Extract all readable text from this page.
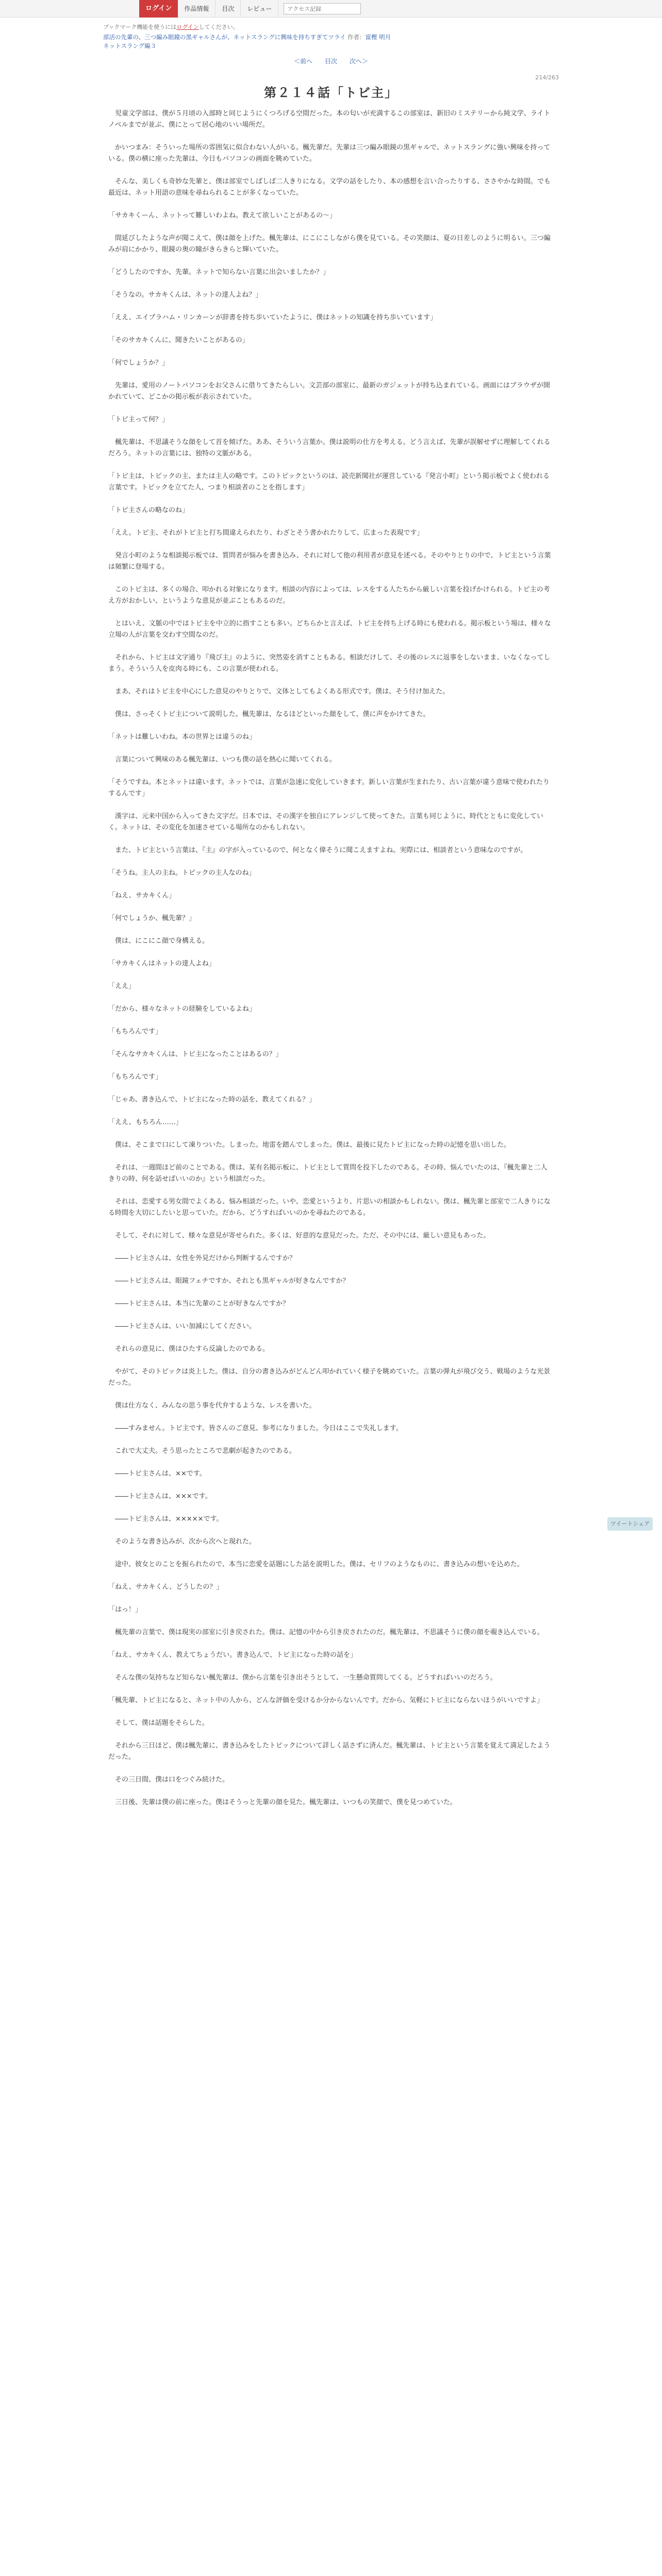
ログイン	作品情報	目次	レビュー
アクセス記録
ブックマーク機能を使うにはログインしてください。
部活の先輩の、三つ編み眼鏡の黒ギャルさんが、ネットスラングに興味を持ちすぎてツライ 作者：富樫 明月
ネットスラング編３
＜前へ 目次 次へ＞
214/263
第２１４話「トビ主」
ツイートシェア

　児童文学部は、僕が５月頃の入部時と同じようにくつろげる空間だった。本の匂いが充満するこの部室は、新旧のミステリーから純文学、ライトノベルまでが並ぶ、僕にとって居心地のいい場所だ。

　かいつまみ：そういった場所の雰囲気に似合わない人がいる。楓先輩だ。先輩は三つ編み眼鏡の黒ギャルで、ネットスラングに強い興味を持っている。僕の横に座った先輩は、今日もパソコンの画面を眺めていた。

　そんな、美しくも奇妙な先輩と、僕は部室でしばしば二人きりになる。文学の話をしたり、本の感想を言い合ったりする、ささやかな時間。でも最近は、ネット用語の意味を尋ねられることが多くなっていた。

「サカキくーん、ネットって難しいわよね。教えて欲しいことがあるの〜」

　間延びしたような声が聞こえて、僕は顔を上げた。楓先輩は、にこにこしながら僕を見ている。その笑顔は、夏の日差しのように明るい。三つ編みが肩にかかり、眼鏡の奥の瞳がきらきらと輝いていた。

「どうしたのですか、先輩。ネットで知らない言葉に出会いましたか？」

「そうなの。サカキくんは、ネットの達人よね？」

「ええ、エイプラハム・リンカーンが辞書を持ち歩いていたように、僕はネットの知識を持ち歩いています」

「そのサカキくんに、聞きたいことがあるの」

「何でしょうか？」

　先輩は、愛用のノートパソコンをお父さんに借りてきたらしい。文芸部の部室に、最新のガジェットが持ち込まれている。画面にはブラウザが開かれていて、どこかの掲示板が表示されていた。

「トビ主って何？」

　楓先輩は、不思議そうな顔をして首を傾げた。ああ、そういう言葉か。僕は説明の仕方を考える。どう言えば、先輩が誤解せずに理解してくれるだろう。ネットの言葉には、独特の文脈がある。

「トビ主は、トピックの主、または主人の略です。このトピックというのは、読売新聞社が運営している『発言小町』という掲示板でよく使われる言葉です。トピックを立てた人、つまり相談者のことを指します」

「トピ主さんの略なのね」

「ええ。トピ主、それがトビ主と打ち間違えられたり、わざとそう書かれたりして、広まった表現です」

　発言小町のような相談掲示板では、質問者が悩みを書き込み、それに対して他の利用者が意見を述べる。そのやりとりの中で、トピ主という言葉は頻繁に登場する。

　このトビ主は、多くの場合、叩かれる対象になります。相談の内容によっては、レスをする人たちから厳しい言葉を投げかけられる。トピ主の考え方がおかしい、というような意見が並ぶこともあるのだ。

　とはいえ、文脈の中ではトピ主を中立的に指すことも多い。どちらかと言えば、トピ主を持ち上げる時にも使われる。掲示板という場は、様々な立場の人が言葉を交わす空間なのだ。

　それから、トビ主は文字通り『飛び主』のように、突然姿を消すこともある。相談だけして、その後のレスに返事をしないまま、いなくなってしまう。そういう人を皮肉る時にも、この言葉が使われる。

　まあ、それはトピ主を中心にした意見のやりとりで、文体としてもよくある形式です。僕は、そう付け加えた。

　僕は、さっそくトビ主について説明した。楓先輩は、なるほどといった顔をして、僕に声をかけてきた。

「ネットは難しいわね。本の世界とは違うのね」

　言葉について興味のある楓先輩は、いつも僕の話を熱心に聞いてくれる。

「そうですね。本とネットは違います。ネットでは、言葉が急速に変化していきます。新しい言葉が生まれたり、古い言葉が違う意味で使われたりするんです」

　漢字は、元来中国から入ってきた文字だ。日本では、その漢字を独自にアレンジして使ってきた。言葉も同じように、時代とともに変化していく。ネットは、その変化を加速させている場所なのかもしれない。

　また、トビ主という言葉は、『主』の字が入っているので、何となく偉そうに聞こえますよね。実際には、相談者という意味なのですが。

「そうね。主人の主ね。トピックの主人なのね」

「ねえ、サカキくん」

「何でしょうか、楓先輩？」

　僕は、にこにこ顔で身構える。

「サカキくんはネットの達人よね」

「ええ」

「だから、様々なネットの経験をしているよね」

「もちろんです」

「そんなサカキくんは、トビ主になったことはあるの？」

「もちろんです」

「じゃあ、書き込んで、トビ主になった時の話を、教えてくれる？」

「ええ、もちろん……」

　僕は、そこまで口にして凍りついた。しまった。地雷を踏んでしまった。僕は、最後に見たトピ主になった時の記憶を思い出した。

　それは、一週間ほど前のことである。僕は、某有名掲示板に、トビ主として質問を投下したのである。その時、悩んでいたのは、『楓先輩と二人きりの時、何を話せばいいのか』という相談だった。

　それは、恋愛する男女間でよくある、悩み相談だった。いや、恋愛というより、片思いの相談かもしれない。僕は、楓先輩と部室で二人きりになる時間を大切にしたいと思っていた。だから、どうすればいいのかを尋ねたのである。

　そして、それに対して、様々な意見が寄せられた。多くは、好意的な意見だった。ただ、その中には、厳しい意見もあった。

　――トビ主さんは、女性を外見だけから判断するんですか？

　――トビ主さんは、眼鏡フェチですか、それとも黒ギャルが好きなんですか？

　――トビ主さんは、本当に先輩のことが好きなんですか？

　――トビ主さんは、いい加減にしてください。

　それらの意見に、僕はひたすら反論したのである。

　やがて、そのトピックは炎上した。僕は、自分の書き込みがどんどん叩かれていく様子を眺めていた。言葉の弾丸が飛び交う、戦場のような光景だった。

　僕は仕方なく、みんなの思う事を代弁するような、レスを書いた。

　――すみません。トビ主です。皆さんのご意見、参考になりました。今日はここで失礼します。

　これで大丈夫。そう思ったところで悲劇が起きたのである。

　――トビ主さんは、××です。

　――トビ主さんは、×××です。

　――トビ主さんは、×××××です。

　そのような書き込みが、次から次へと現れた。

　途中、彼女とのことを振られたので、本当に恋愛を話題にした話を説明した。僕は、セリフのようなものに、書き込みの想いを込めた。

「ねえ、サカキくん、どうしたの？」

「はっ！」

　楓先輩の言葉で、僕は現実の部室に引き戻された。僕は、記憶の中から引き戻されたのだ。楓先輩は、不思議そうに僕の顔を覗き込んでいる。

「ねえ、サカキくん、教えてちょうだい。書き込んで、トビ主になった時の話を」

　そんな僕の気持ちなど知らない楓先輩は、僕から言葉を引き出そうとして、一生懸命質問してくる。どうすればいいのだろう。

「楓先輩、トビ主になると、ネット中の人から、どんな評価を受けるか分からないんです。だから、気軽にトビ主にならないほうがいいですよ」

　そして、僕は話題をそらした。

　それから三日ほど、僕は楓先輩に、書き込みをしたトピックについて詳しく話さずに済んだ。楓先輩は、トビ主という言葉を覚えて満足したようだった。

　その三日間、僕は口をつぐみ続けた。

　三日後、先輩は僕の前に座った。僕はそうっと先輩の顔を見た。楓先輩は、いつもの笑顔で、僕を見つめていた。
